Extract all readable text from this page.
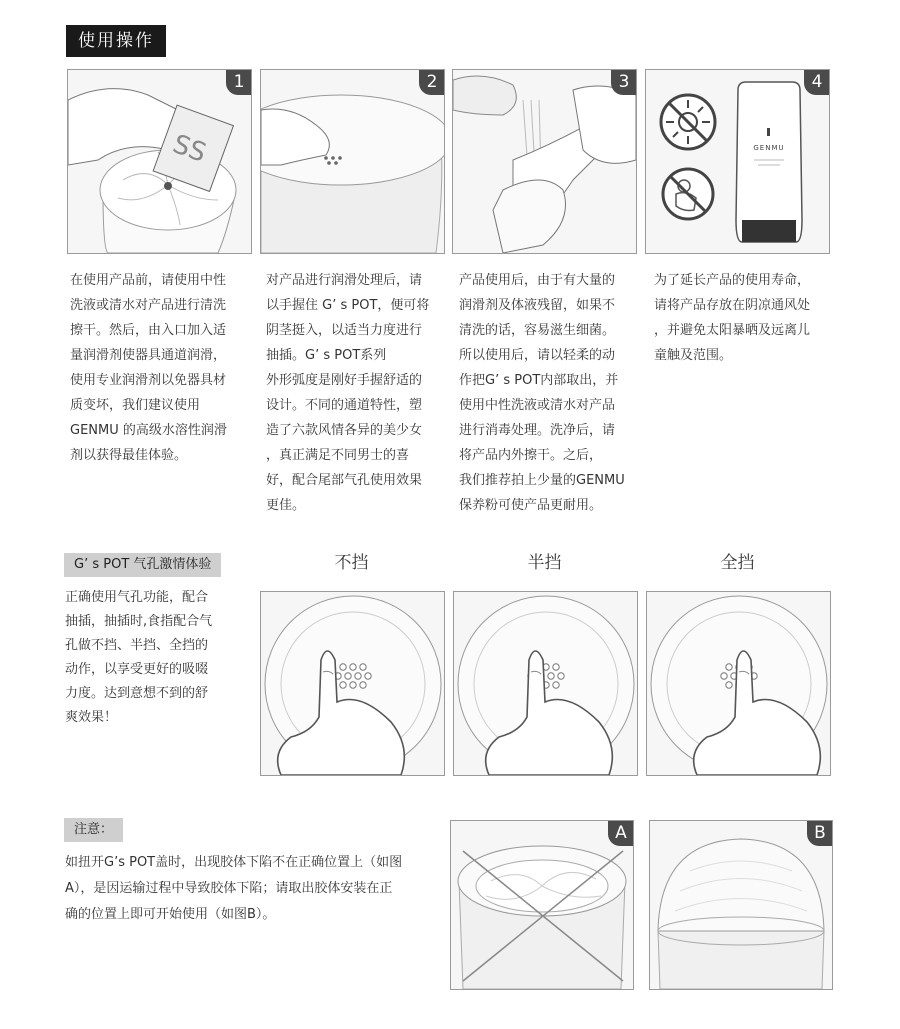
使用操作
SS
1
在使用产品前，请使用中性
洗液或清水对产品进行清洗
擦干。然后，由入口加入适
量润滑剂使器具通道润滑，
使用专业润滑剂以免器具材
质变坏，我们建议使用
GENMU 的高级水溶性润滑
剂以获得最佳体验。
2
对产品进行润滑处理后，请
以手握住 G’ s POT，便可将
阴茎挺入，以适当力度进行
抽插。G’ s POT系列
外形弧度是刚好手握舒适的
设计。不同的通道特性，塑
造了六款风情各异的美少女
，真正满足不同男士的喜
好，配合尾部气孔使用效果
更佳。
3
产品使用后，由于有大量的
润滑剂及体液残留，如果不
清洗的话，容易滋生细菌。
所以使用后，请以轻柔的动
作把G’ s POT内部取出，并
使用中性洗液或清水对产品
进行消毒处理。洗净后，请
将产品内外擦干。之后，
我们推荐拍上少量的GENMU
保养粉可使产品更耐用。
GENMU
4
为了延长产品的使用寿命，
请将产品存放在阴凉通风处
，并避免太阳暴晒及远离儿
童触及范围。
G’ s POT 气孔激情体验
正确使用气孔功能，配合
抽插，抽插时,食指配合气
孔做不挡、半挡、全挡的
动作，以享受更好的吸啜
力度。达到意想不到的舒
爽效果！
不挡	半挡	全挡
注意：
如扭开G’s POT盖时，出现胶体下陷不在正确位置上（如图
A），是因运输过程中导致胶体下陷；请取出胶体安装在正
确的位置上即可开始使用（如图B）。
A	B
